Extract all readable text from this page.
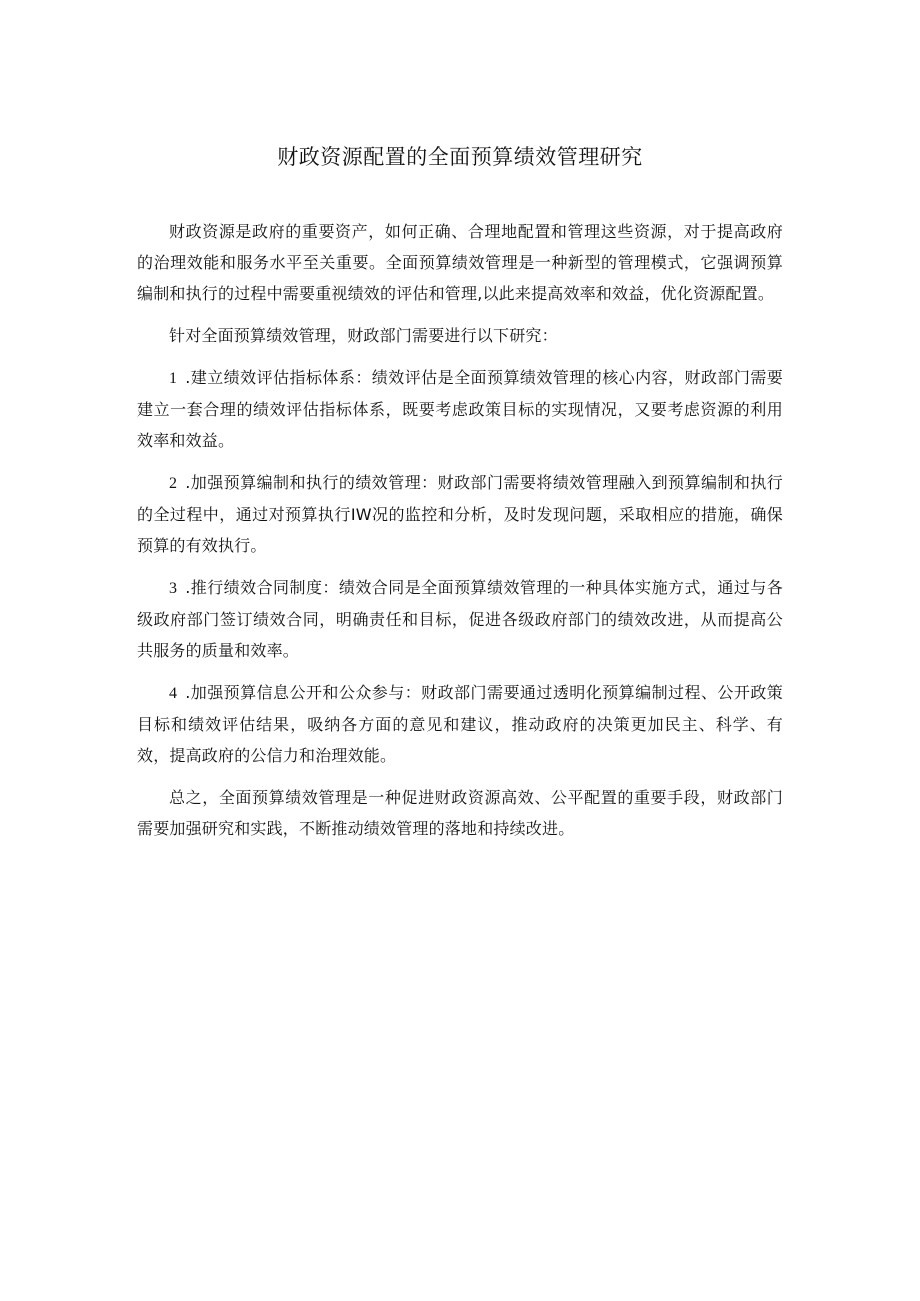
财政资源配置的全面预算绩效管理研究

财政资源是政府的重要资产，如何正确、合理地配置和管理这些资源，对于提高政府的治理效能和服务水平至关重要。全面预算绩效管理是一种新型的管理模式，它强调预算编制和执行的过程中需要重视绩效的评估和管理,以此来提高效率和效益，优化资源配置。

针对全面预算绩效管理，财政部门需要进行以下研究：

1 .建立绩效评估指标体系：绩效评估是全面预算绩效管理的核心内容，财政部门需要建立一套合理的绩效评估指标体系，既要考虑政策目标的实现情况，又要考虑资源的利用效率和效益。

2 .加强预算编制和执行的绩效管理：财政部门需要将绩效管理融入到预算编制和执行的全过程中，通过对预算执行IW况的监控和分析，及时发现问题，采取相应的措施，确保预算的有效执行。

3 .推行绩效合同制度：绩效合同是全面预算绩效管理的一种具体实施方式，通过与各级政府部门签订绩效合同，明确责任和目标，促进各级政府部门的绩效改进，从而提高公共服务的质量和效率。

4 .加强预算信息公开和公众参与：财政部门需要通过透明化预算编制过程、公开政策目标和绩效评估结果，吸纳各方面的意见和建议，推动政府的决策更加民主、科学、有效，提高政府的公信力和治理效能。

总之，全面预算绩效管理是一种促进财政资源高效、公平配置的重要手段，财政部门需要加强研究和实践，不断推动绩效管理的落地和持续改进。
